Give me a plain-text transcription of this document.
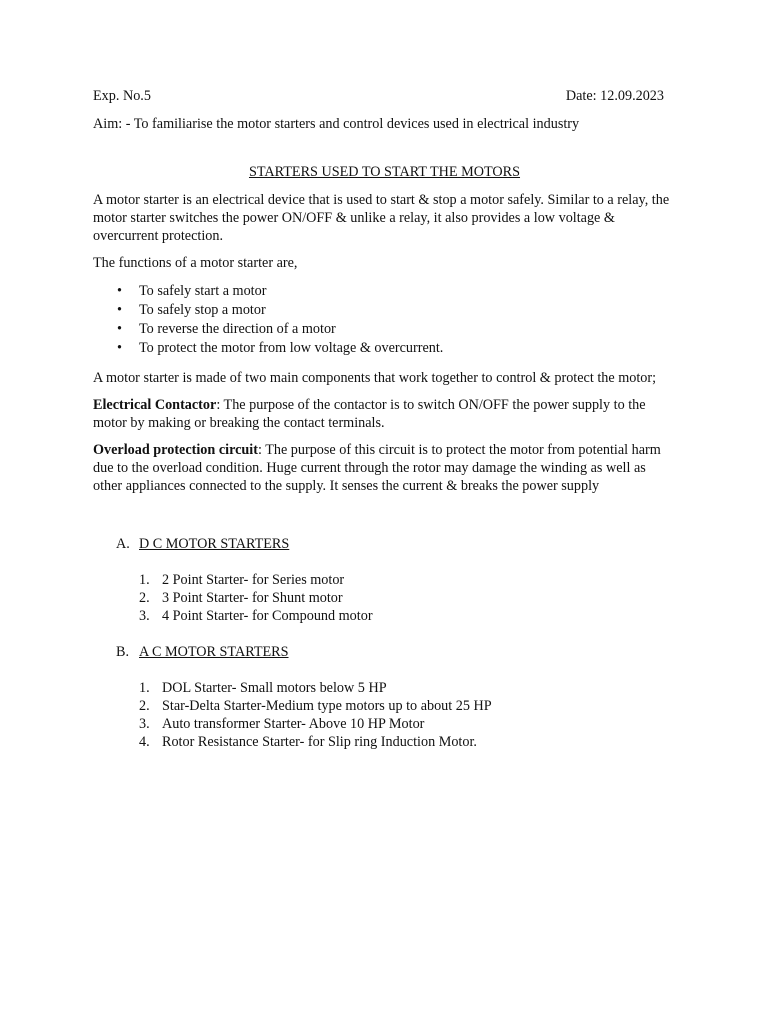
Exp. No.5	Date: 12.09.2023

Aim: - To familiarise the motor starters and control devices used in electrical industry

STARTERS USED TO START THE MOTORS

A motor starter is an electrical device that is used to start & stop a motor safely. Similar to a relay, the motor starter switches the power ON/OFF & unlike a relay, it also provides a low voltage & overcurrent protection.

The functions of a motor starter are,

• To safely start a motor
• To safely stop a motor
• To reverse the direction of a motor
• To protect the motor from low voltage & overcurrent.

A motor starter is made of two main components that work together to control & protect the motor;

Electrical Contactor: The purpose of the contactor is to switch ON/OFF the power supply to the motor by making or breaking the contact terminals.

Overload protection circuit: The purpose of this circuit is to protect the motor from potential harm due to the overload condition. Huge current through the rotor may damage the winding as well as other appliances connected to the supply. It senses the current & breaks the power supply

A. D C MOTOR STARTERS
1. 2 Point Starter- for Series motor
2. 3 Point Starter- for Shunt motor
3. 4 Point Starter- for Compound motor
B. A C MOTOR STARTERS
1. DOL Starter- Small motors below 5 HP
2. Star-Delta Starter-Medium type motors up to about 25 HP
3. Auto transformer Starter- Above 10 HP Motor
4. Rotor Resistance Starter- for Slip ring Induction Motor.
